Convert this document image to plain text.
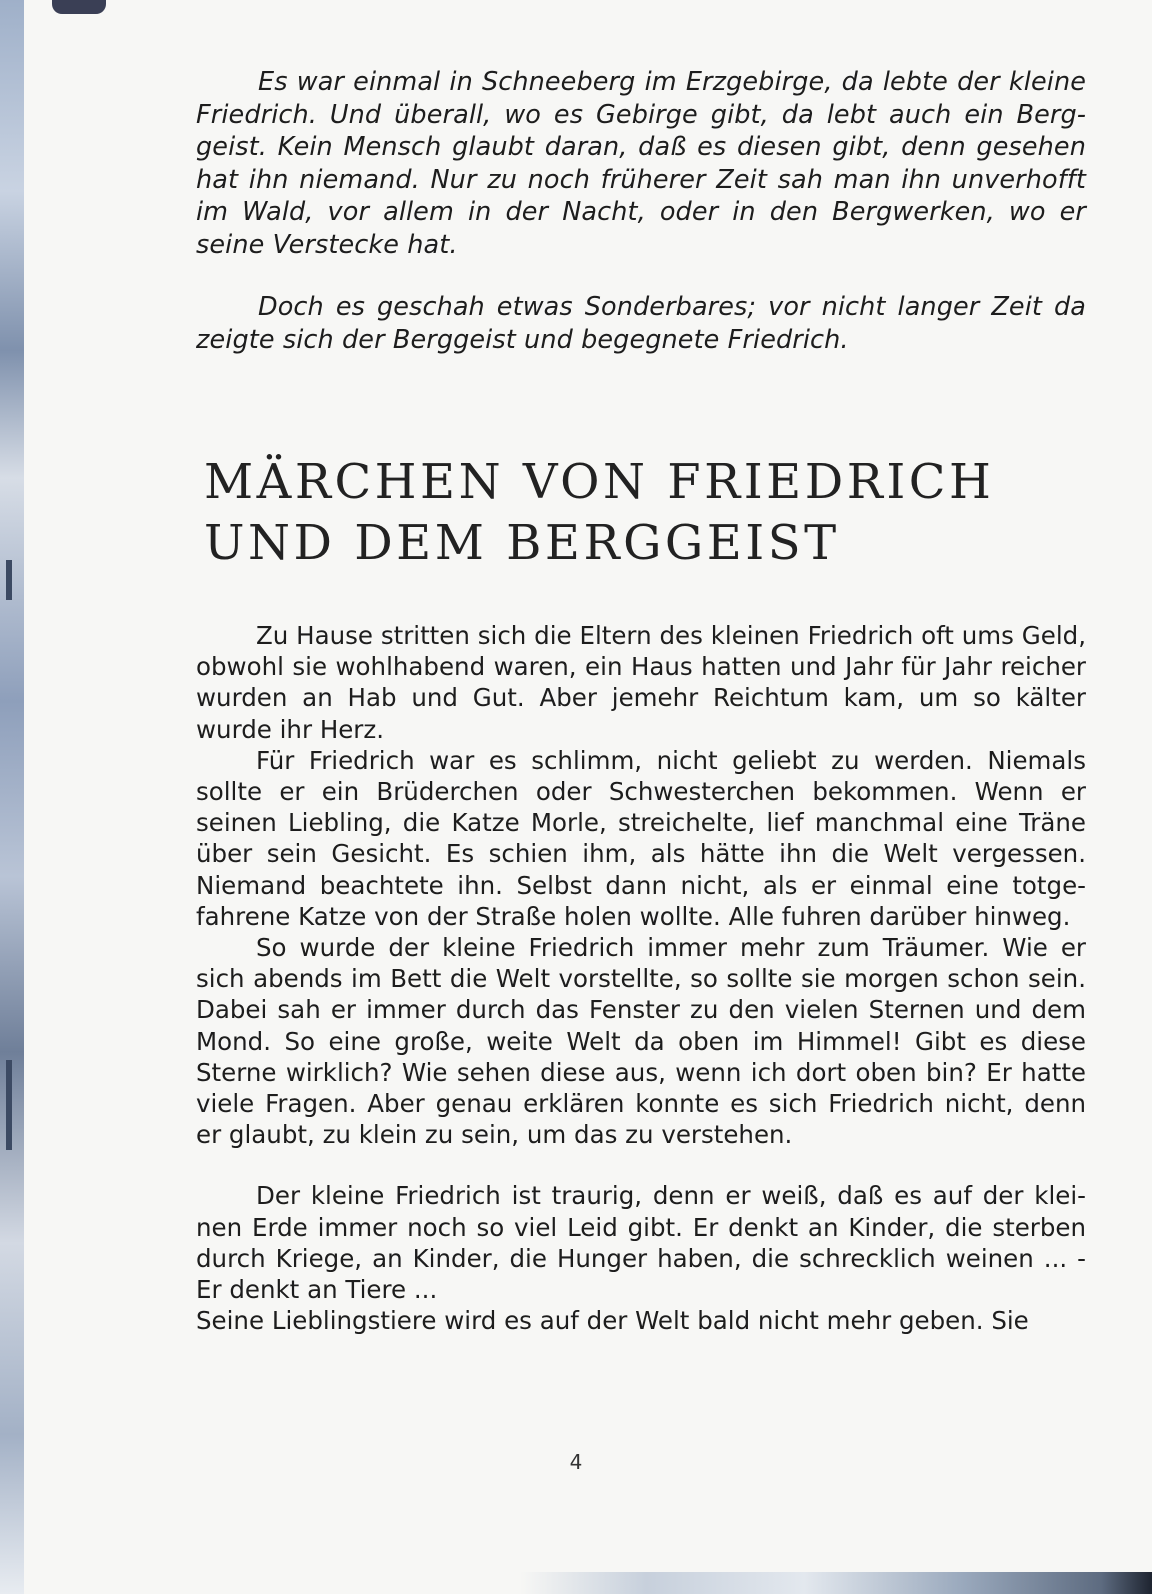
Es war einmal in Schneeberg im Erzgebirge, da lebte der kleine Friedrich. Und überall, wo es Gebirge gibt, da lebt auch ein Berggeist. Kein Mensch glaubt daran, daß es diesen gibt, denn gesehen hat ihn niemand. Nur zu noch früherer Zeit sah man ihn unverhofft im Wald, vor allem in der Nacht, oder in den Bergwerken, wo er seine Verstecke hat.

Doch es geschah etwas Sonderbares; vor nicht langer Zeit da zeigte sich der Berggeist und begegnete Friedrich.

MÄRCHEN VON FRIEDRICH UND DEM BERGGEIST

Zu Hause stritten sich die Eltern des kleinen Friedrich oft ums Geld, obwohl sie wohlhabend waren, ein Haus hatten und Jahr für Jahr reicher wurden an Hab und Gut. Aber jemehr Reichtum kam, um so kälter wurde ihr Herz.

Für Friedrich war es schlimm, nicht geliebt zu werden. Niemals sollte er ein Brüderchen oder Schwesterchen bekommen. Wenn er seinen Liebling, die Katze Morle, streichelte, lief manchmal eine Träne über sein Gesicht. Es schien ihm, als hätte ihn die Welt vergessen. Niemand beachtete ihn. Selbst dann nicht, als er einmal eine totgefahrene Katze von der Straße holen wollte. Alle fuhren darüber hinweg.

So wurde der kleine Friedrich immer mehr zum Träumer. Wie er sich abends im Bett die Welt vorstellte, so sollte sie morgen schon sein. Dabei sah er immer durch das Fenster zu den vielen Sternen und dem Mond. So eine große, weite Welt da oben im Himmel! Gibt es diese Sterne wirklich? Wie sehen diese aus, wenn ich dort oben bin? Er hatte viele Fragen. Aber genau erklären konnte es sich Friedrich nicht, denn er glaubt, zu klein zu sein, um das zu verstehen.

Der kleine Friedrich ist traurig, denn er weiß, daß es auf der kleinen Erde immer noch so viel Leid gibt. Er denkt an Kinder, die sterben durch Kriege, an Kinder, die Hunger haben, die schrecklich weinen ... - Er denkt an Tiere ...

Seine Lieblingstiere wird es auf der Welt bald nicht mehr geben. Sie

4
